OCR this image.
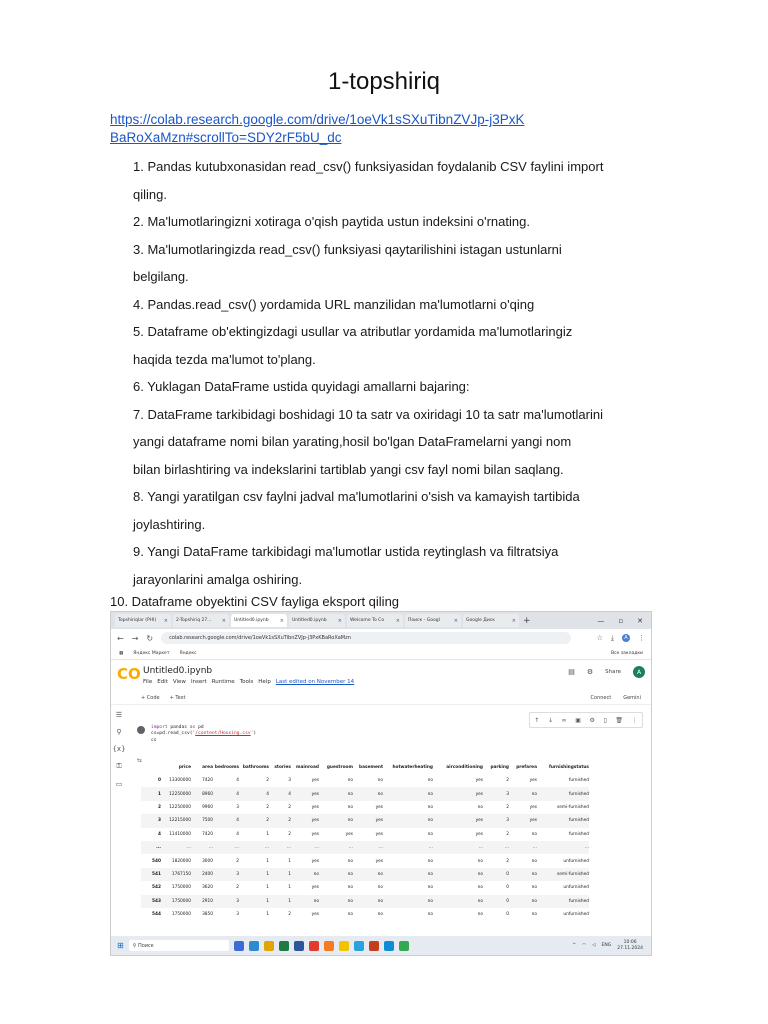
1-topshiriq
https://colab.research.google.com/drive/1oeVk1sSXuTibnZVJp-j3PxKBaRoXaMzn#scrollTo=SDY2rF5bU_dc
1. Pandas kutubxonasidan read_csv() funksiyasidan foydalanib CSV faylini import
qiling.
2. Ma'lumotlaringizni xotiraga o'qish paytida ustun indeksini o'rnating.
3. Ma'lumotlaringizda read_csv() funksiyasi qaytarilishini istagan ustunlarni
belgilang.
4. Pandas.read_csv() yordamida URL manzilidan ma'lumotlarni o'qing
5. Dataframe ob'ektingizdagi usullar va atributlar yordamida ma'lumotlaringiz
haqida tezda ma'lumot to'plang.
6. Yuklagan DataFrame ustida quyidagi amallarni bajaring:
7. DataFrame tarkibidagi boshidagi 10 ta satr va oxiridagi 10 ta satr ma'lumotlarini
yangi dataframe nomi bilan yarating,hosil bo'lgan DataFramelarni yangi nom
bilan birlashtiring va indekslarini tartiblab yangi csv fayl nomi bilan saqlang.
8. Yangi yaratilgan csv faylni jadval ma'lumotlarini o'sish va kamayish tartibida
joylashtiring.
9. Yangi DataFrame tarkibidagi ma'lumotlar ustida reytinglash va filtratsiya
jarayonlarini amalga oshiring.
10. Dataframe obyektini CSV fayliga eksport qiling
Topshiriqlar (PHI) × 2-Topshiriq 27... × Untitled0.ipynb × Untitled0.ipynb × Welcome To Co × Поиск - Googl	× Google Диск	× +	— ▫ ✕
← → ↻	colab.research.google.com/drive/1oeVk1sSXuTibnZVJp-j3PxKBaRoXaMzn	☆ ⤓	A	⋮
▦ Яндекс Маркет Яндекс	Все закладки
CO Untitled0.ipynb
File Edit View Insert Runtime Tools Help Last edited on November 14
▤ ⚙ Share	A
+ Code + Text	Connect Gemini
☰
⚲
{x}
⚿
▭
↑ ↓ ∞ ▣ ⚙ ▯ 🗑 ⋮
import pandas as pd
cs=pd.read_csv('/content/Housing.csv')
cs
⇆
	price	area	bedrooms	bathrooms	stories	mainroad	guestroom	basement	hotwaterheating	airconditioning	parking	prefarea	furnishingstatus
0	13300000	7420	4	2	3	yes	no	no	no	yes	2	yes	furnished
1	12250000	8960	4	4	4	yes	no	no	no	yes	3	no	furnished
2	12250000	9960	3	2	2	yes	no	yes	no	no	2	yes	semi-furnished
3	12215000	7500	4	2	2	yes	no	yes	no	yes	3	yes	furnished
4	11410000	7420	4	1	2	yes	yes	yes	no	yes	2	no	furnished
...	...	...	...	...	...	...	...	...	...	...	...	...	...
540	1820000	3000	2	1	1	yes	no	yes	no	no	2	no	unfurnished
541	1767150	2400	3	1	1	no	no	no	no	no	0	no	semi-furnished
542	1750000	3620	2	1	1	yes	no	no	no	no	0	no	unfurnished
543	1750000	2910	3	1	1	no	no	no	no	no	0	no	furnished
544	1750000	3850	3	1	2	yes	no	no	no	no	0	no	unfurnished
⊞ ⚲ Поиск	^ ◠ ◁ ENG
10:06
27.11.2024
